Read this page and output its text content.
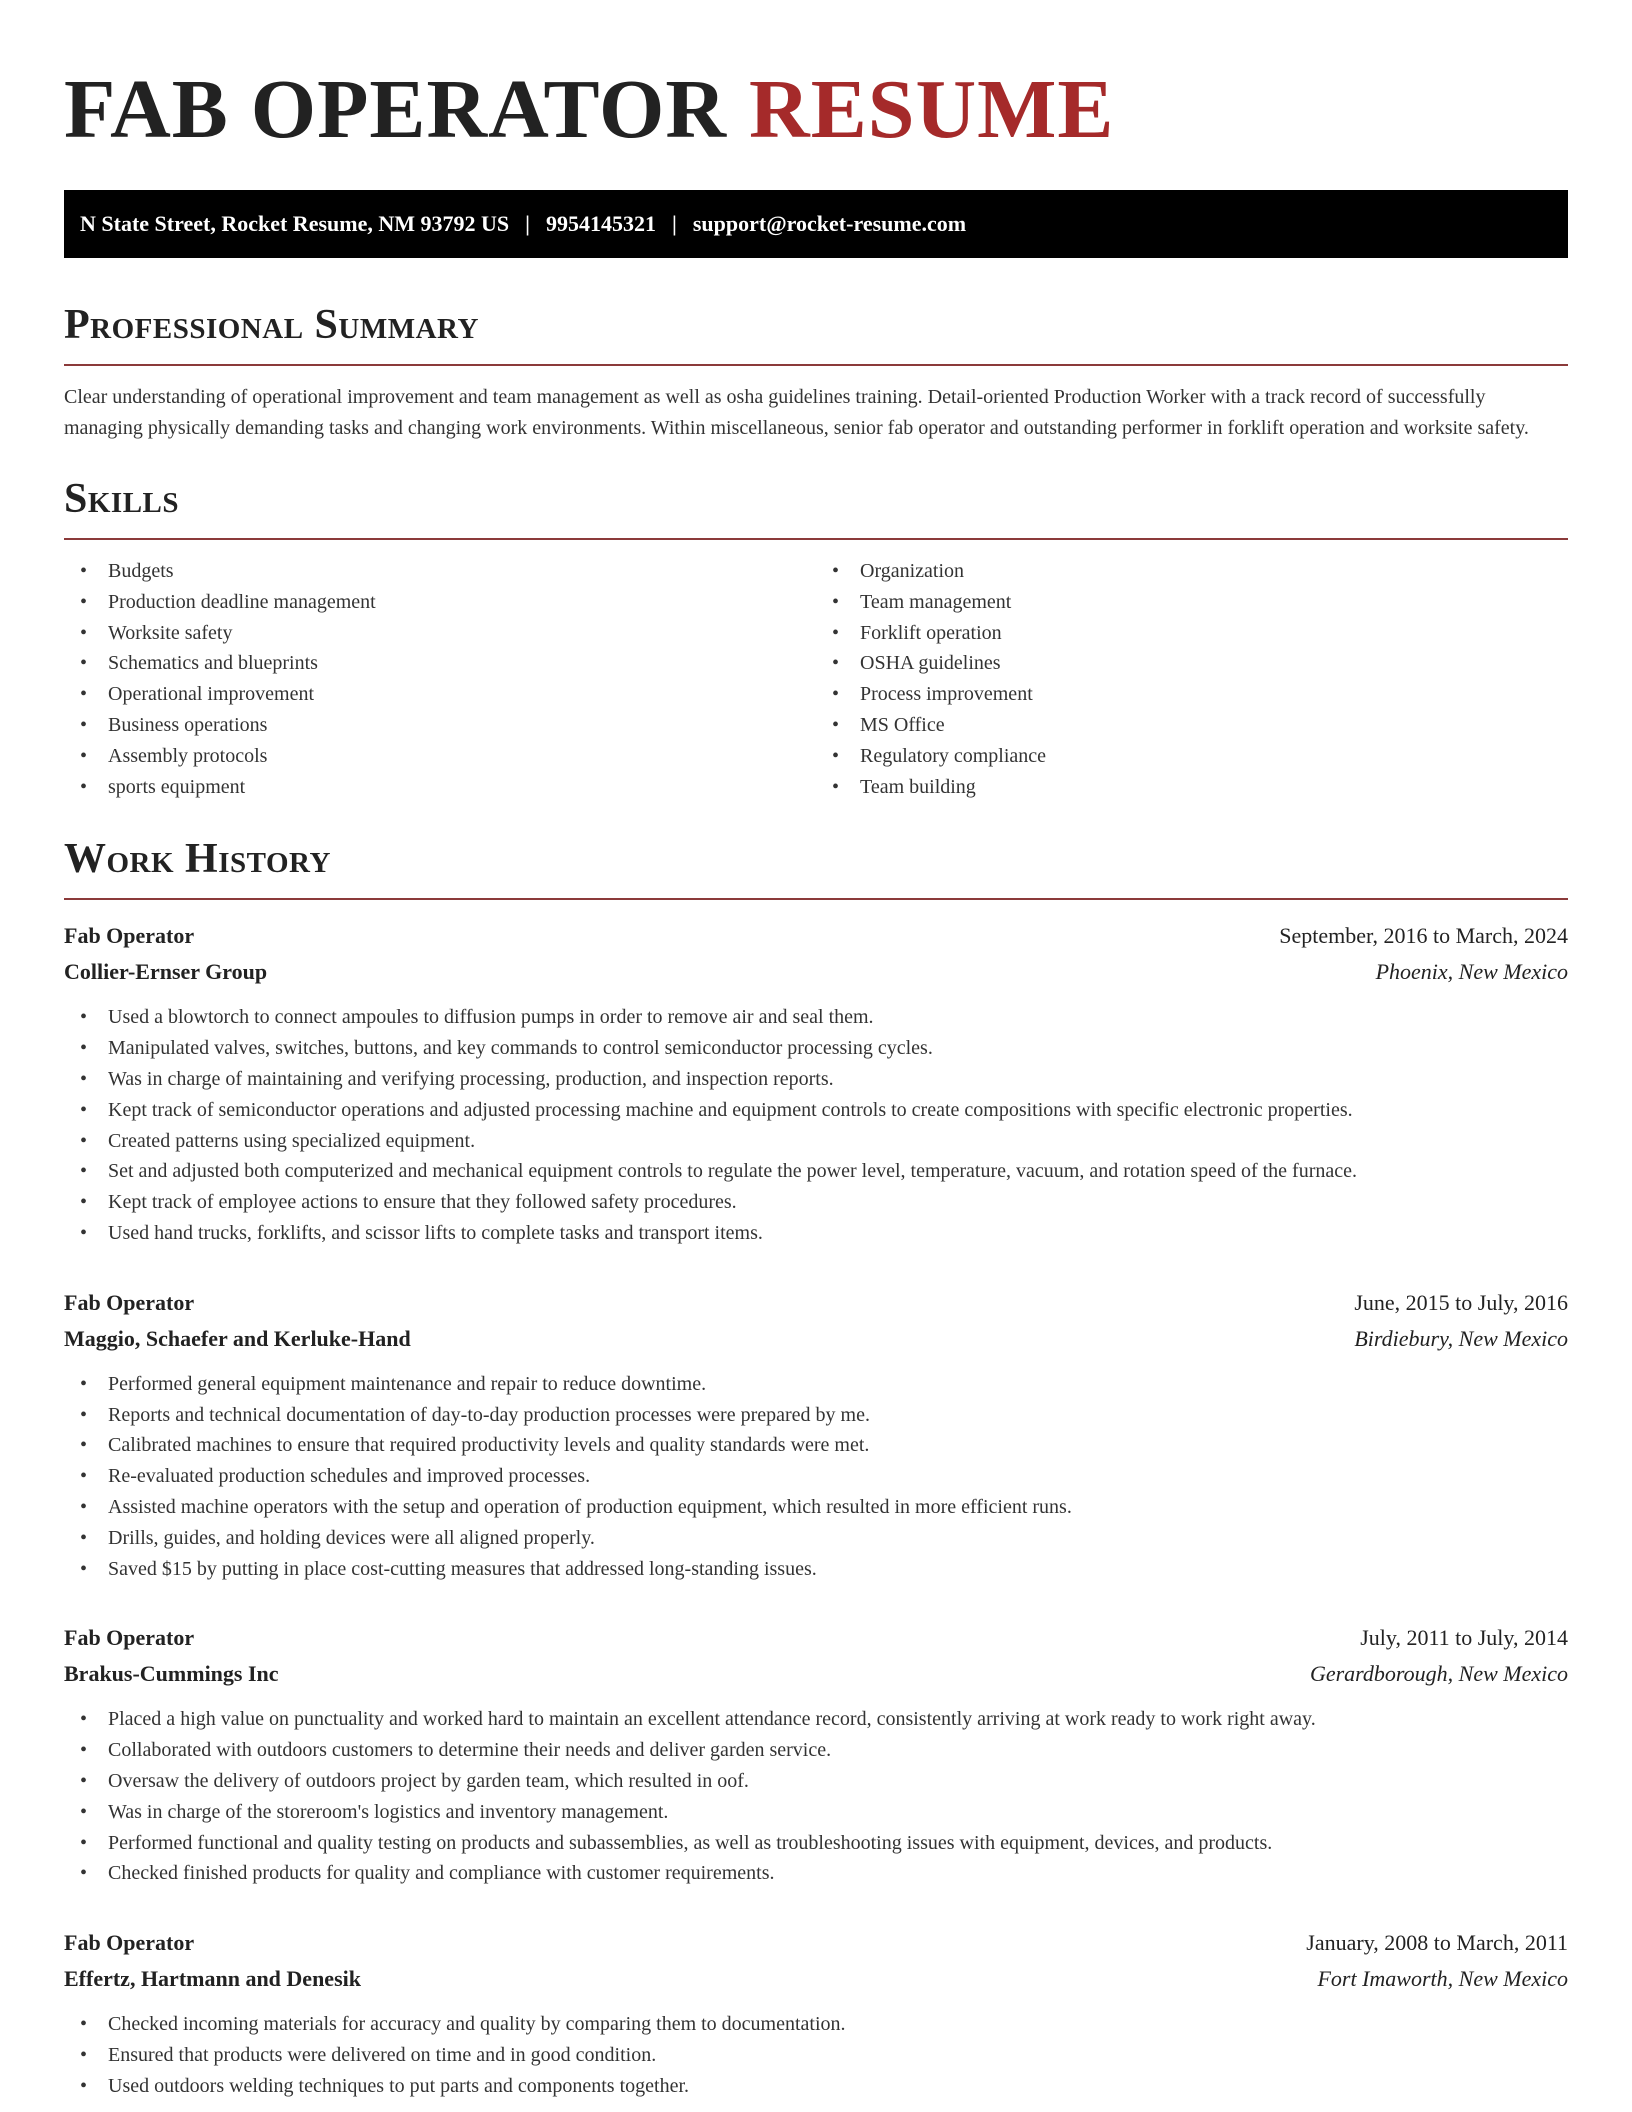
FAB OPERATOR RESUME
N State Street, Rocket Resume, NM 93792 US | 9954145321 | support@rocket-resume.com
Professional Summary

Clear understanding of operational improvement and team management as well as osha guidelines training. Detail-oriented Production Worker with a track record of successfully managing physically demanding tasks and changing work environments. Within miscellaneous, senior fab operator and outstanding performer in forklift operation and worksite safety.

Skills
• Budgets
• Production deadline management
• Worksite safety
• Schematics and blueprints
• Operational improvement
• Business operations
• Assembly protocols
• sports equipment
• Organization
• Team management
• Forklift operation
• OSHA guidelines
• Process improvement
• MS Office
• Regulatory compliance
• Team building
Work History
Fab Operator	September, 2016 to March, 2024
Collier-Ernser Group	Phoenix, New Mexico
• Used a blowtorch to connect ampoules to diffusion pumps in order to remove air and seal them.
• Manipulated valves, switches, buttons, and key commands to control semiconductor processing cycles.
• Was in charge of maintaining and verifying processing, production, and inspection reports.
• Kept track of semiconductor operations and adjusted processing machine and equipment controls to create compositions with specific electronic properties.
• Created patterns using specialized equipment.
• Set and adjusted both computerized and mechanical equipment controls to regulate the power level, temperature, vacuum, and rotation speed of the furnace.
• Kept track of employee actions to ensure that they followed safety procedures.
• Used hand trucks, forklifts, and scissor lifts to complete tasks and transport items.
Fab Operator	June, 2015 to July, 2016
Maggio, Schaefer and Kerluke-Hand	Birdiebury, New Mexico
• Performed general equipment maintenance and repair to reduce downtime.
• Reports and technical documentation of day-to-day production processes were prepared by me.
• Calibrated machines to ensure that required productivity levels and quality standards were met.
• Re-evaluated production schedules and improved processes.
• Assisted machine operators with the setup and operation of production equipment, which resulted in more efficient runs.
• Drills, guides, and holding devices were all aligned properly.
• Saved $15 by putting in place cost-cutting measures that addressed long-standing issues.
Fab Operator	July, 2011 to July, 2014
Brakus-Cummings Inc	Gerardborough, New Mexico
• Placed a high value on punctuality and worked hard to maintain an excellent attendance record, consistently arriving at work ready to work right away.
• Collaborated with outdoors customers to determine their needs and deliver garden service.
• Oversaw the delivery of outdoors project by garden team, which resulted in oof.
• Was in charge of the storeroom's logistics and inventory management.
• Performed functional and quality testing on products and subassemblies, as well as troubleshooting issues with equipment, devices, and products.
• Checked finished products for quality and compliance with customer requirements.
Fab Operator	January, 2008 to March, 2011
Effertz, Hartmann and Denesik	Fort Imaworth, New Mexico
• Checked incoming materials for accuracy and quality by comparing them to documentation.
• Ensured that products were delivered on time and in good condition.
• Used outdoors welding techniques to put parts and components together.
